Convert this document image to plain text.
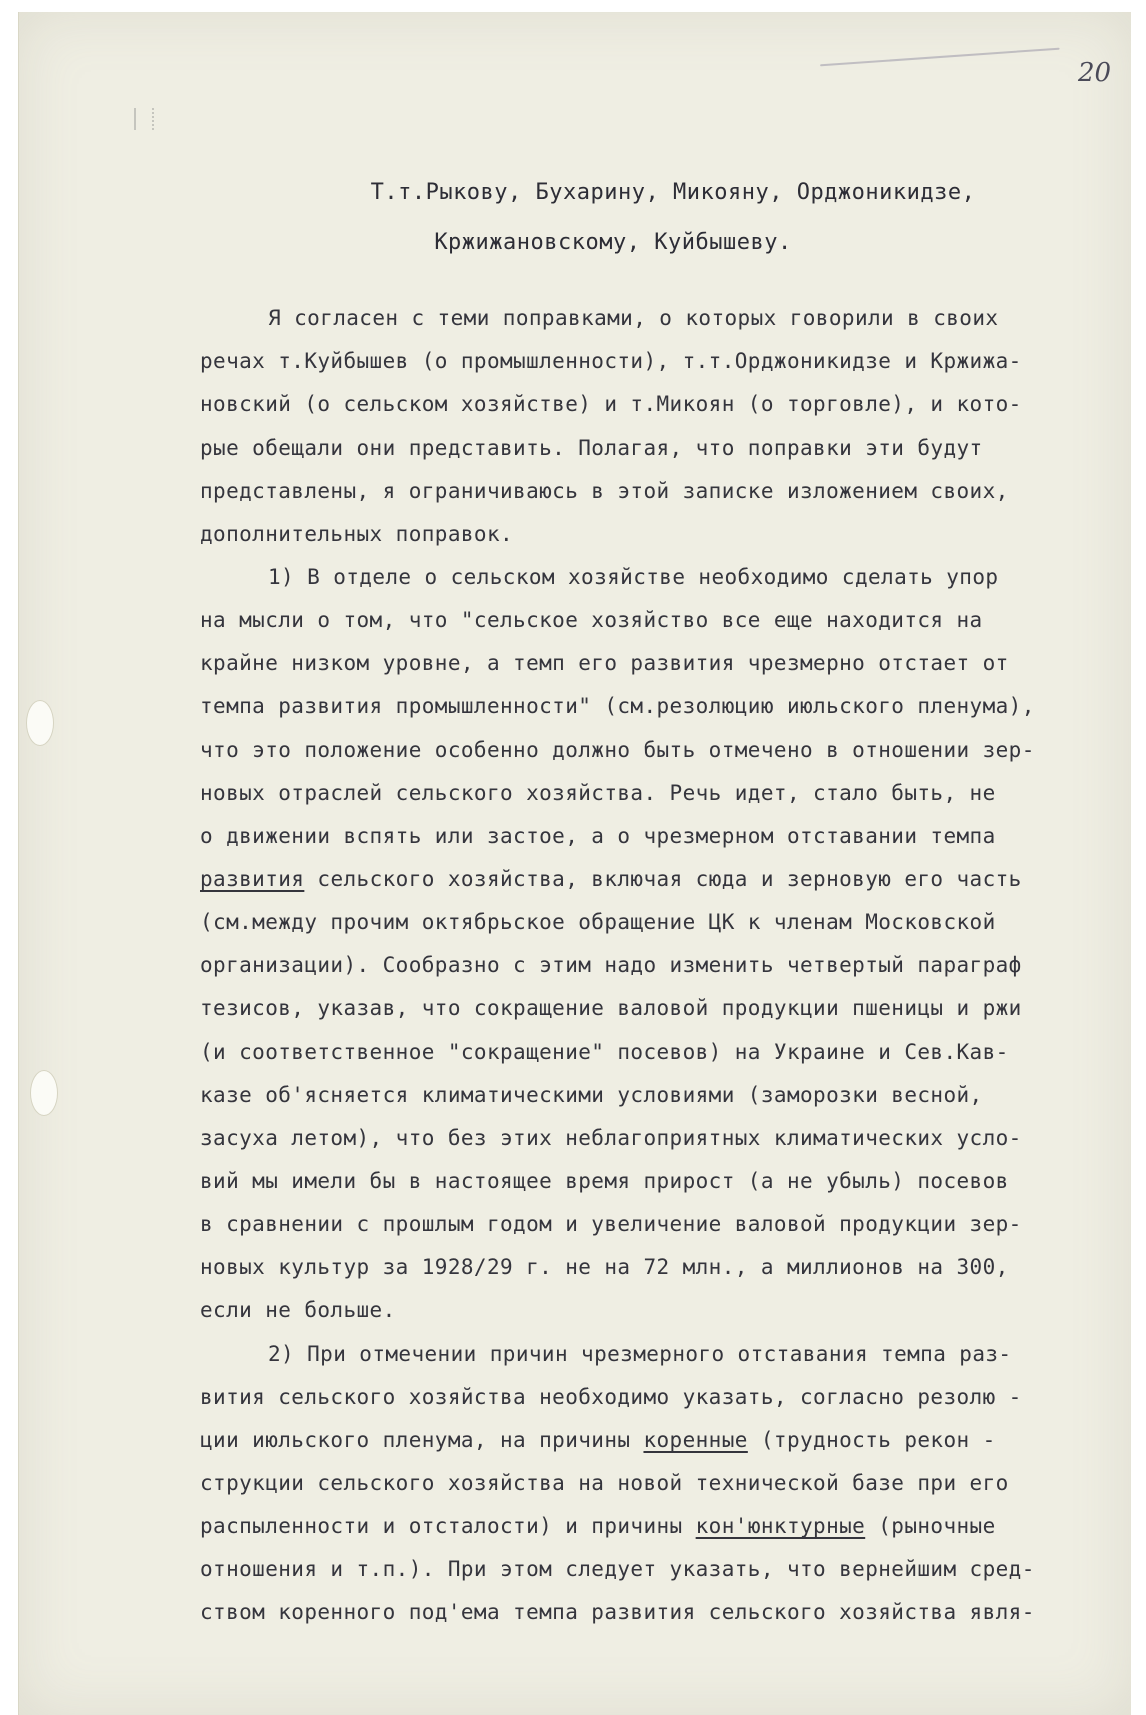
20
Т.т.Рыкову, Бухарину, Микояну, Орджоникидзе,
Кржижановскому, Куйбышеву.
Я согласен с теми поправками, о которых говорили в своих
речах т.Куйбышев (о промышленности), т.т.Орджоникидзе и Кржижа-
новский (о сельском хозяйстве) и т.Микоян (о торговле), и кото-
рые обещали они представить. Полагая, что поправки эти будут
представлены, я ограничиваюсь в этой записке изложением своих,
дополнительных поправок.
1) В отделе о сельском хозяйстве необходимо сделать упор
на мысли о том, что "сельское хозяйство все еще находится на
крайне низком уровне, а темп его развития чрезмерно отстает от
темпа развития промышленности" (см.резолюцию июльского пленума),
что это положение особенно должно быть отмечено в отношении зер-
новых отраслей сельского хозяйства. Речь идет, стало быть, не
о движении вспять или застое, а о чрезмерном отставании темпа
развития сельского хозяйства, включая сюда и зерновую его часть
(см.между прочим октябрьское обращение ЦК к членам Московской
организации). Сообразно с этим надо изменить четвертый параграф
тезисов, указав, что сокращение валовой продукции пшеницы и ржи
(и соответственное "сокращение" посевов) на Украине и Сев.Кав-
казе об'ясняется климатическими условиями (заморозки весной,
засуха летом), что без этих неблагоприятных климатических усло-
вий мы имели бы в настоящее время прирост (а не убыль) посевов
в сравнении с прошлым годом и увеличение валовой продукции зер-
новых культур за 1928/29 г. не на 72 млн., а миллионов на 300,
если не больше.
2) При отмечении причин чрезмерного отставания темпа раз-
вития сельского хозяйства необходимо указать, согласно резолю -
ции июльского пленума, на причины коренные (трудность рекон -
струкции сельского хозяйства на новой технической базе при его
распыленности и отсталости) и причины кон'юнктурные (рыночные
отношения и т.п.). При этом следует указать, что вернейшим сред-
ством коренного под'ема темпа развития сельского хозяйства явля-
